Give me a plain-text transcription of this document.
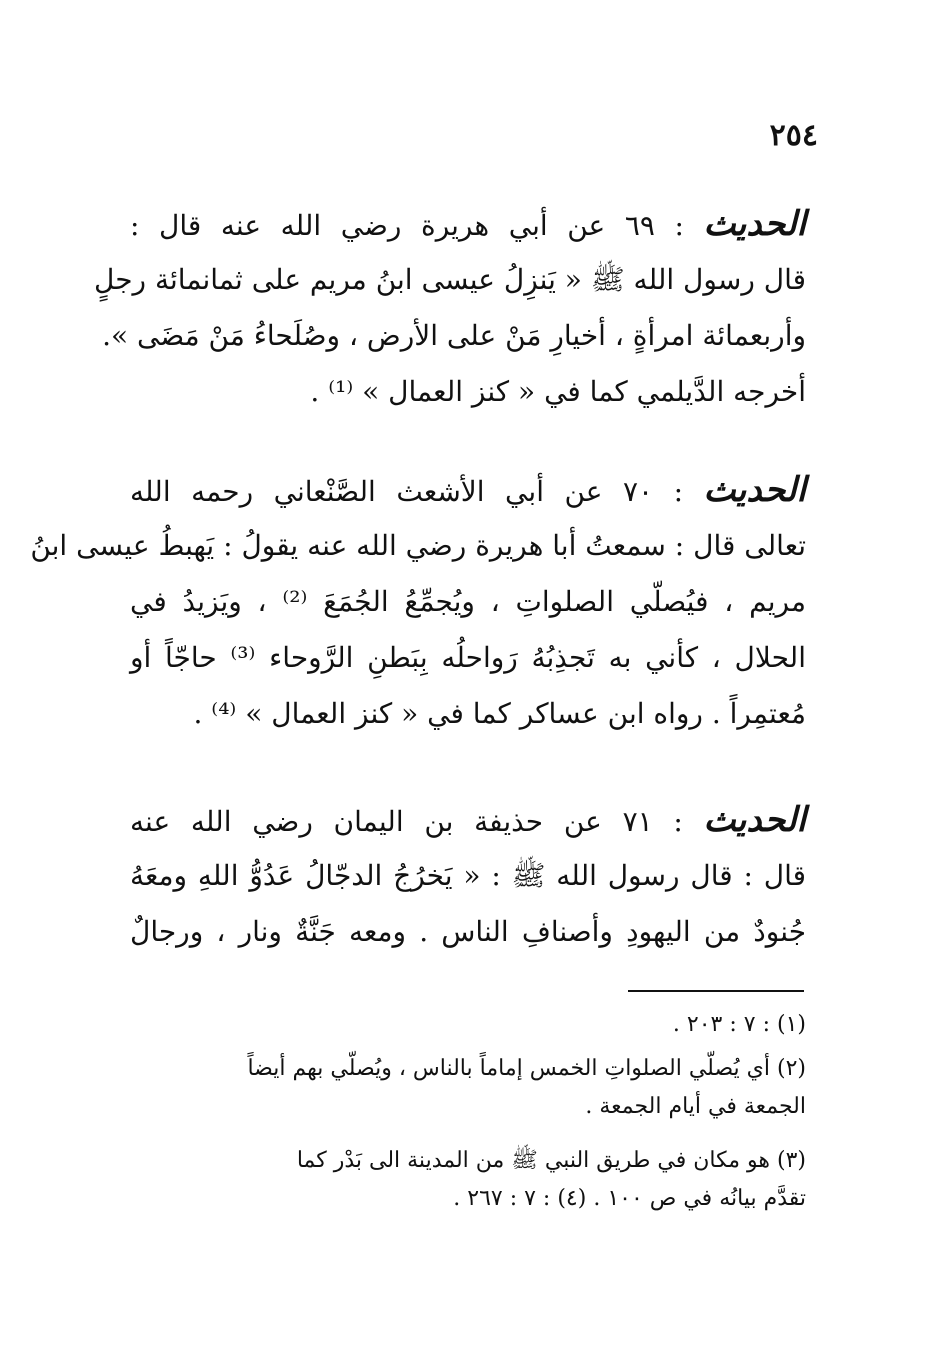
٢٥٤
الحديث : ٦٩ عن أبي هريرة رضي الله عنه قال :
قال رسول الله ﷺ « يَنزِلُ عيسى ابنُ مريم على ثمانمائة رجلٍ
وأربعمائة امرأةٍ ، أخيارِ مَنْ على الأرض ، وصُلَحاءُ مَنْ مَضَى ».
أخرجه الدَّيلمي كما في « كنز العمال » ⁽¹⁾ .
الحديث : ٧٠ عن أبي الأشعث الصَّنْعاني رحمه الله
تعالى قال : سمعتُ أبا هريرة رضي الله عنه يقولُ : يَهبطُ عيسى ابنُ
مريم ، فيُصلّي الصلواتِ ، ويُجمِّعُ الجُمَعَ ⁽²⁾ ، ويَزيدُ في
الحلال ، كأني به تَجذِبُهُ رَواحلُه بِبَطنِ الرَّوحاء ⁽³⁾ حاجّاً أو
مُعتمِراً . رواه ابن عساكر كما في « كنز العمال » ⁽⁴⁾ .
الحديث : ٧١ عن حذيفة بن اليمان رضي الله عنه
قال : قال رسول الله ﷺ : « يَخرُجُ الدجّالُ عَدُوُّ اللهِ ومعَهُ
جُنودٌ من اليهودِ وأصنافِ الناس . ومعه جَنَّةٌ ونار ، ورجالٌ
(١) : ٧ : ٢٠٣ .
(٢) أي يُصلّي الصلواتِ الخمس إماماً بالناس ، ويُصلّي بهم أيضاً
الجمعة في أيام الجمعة .
(٣) هو مكان في طريق النبي ﷺ من المدينة الى بَدْر كما
تقدَّم بيانُه في ص ١٠٠ . (٤) : ٧ : ٢٦٧ .
